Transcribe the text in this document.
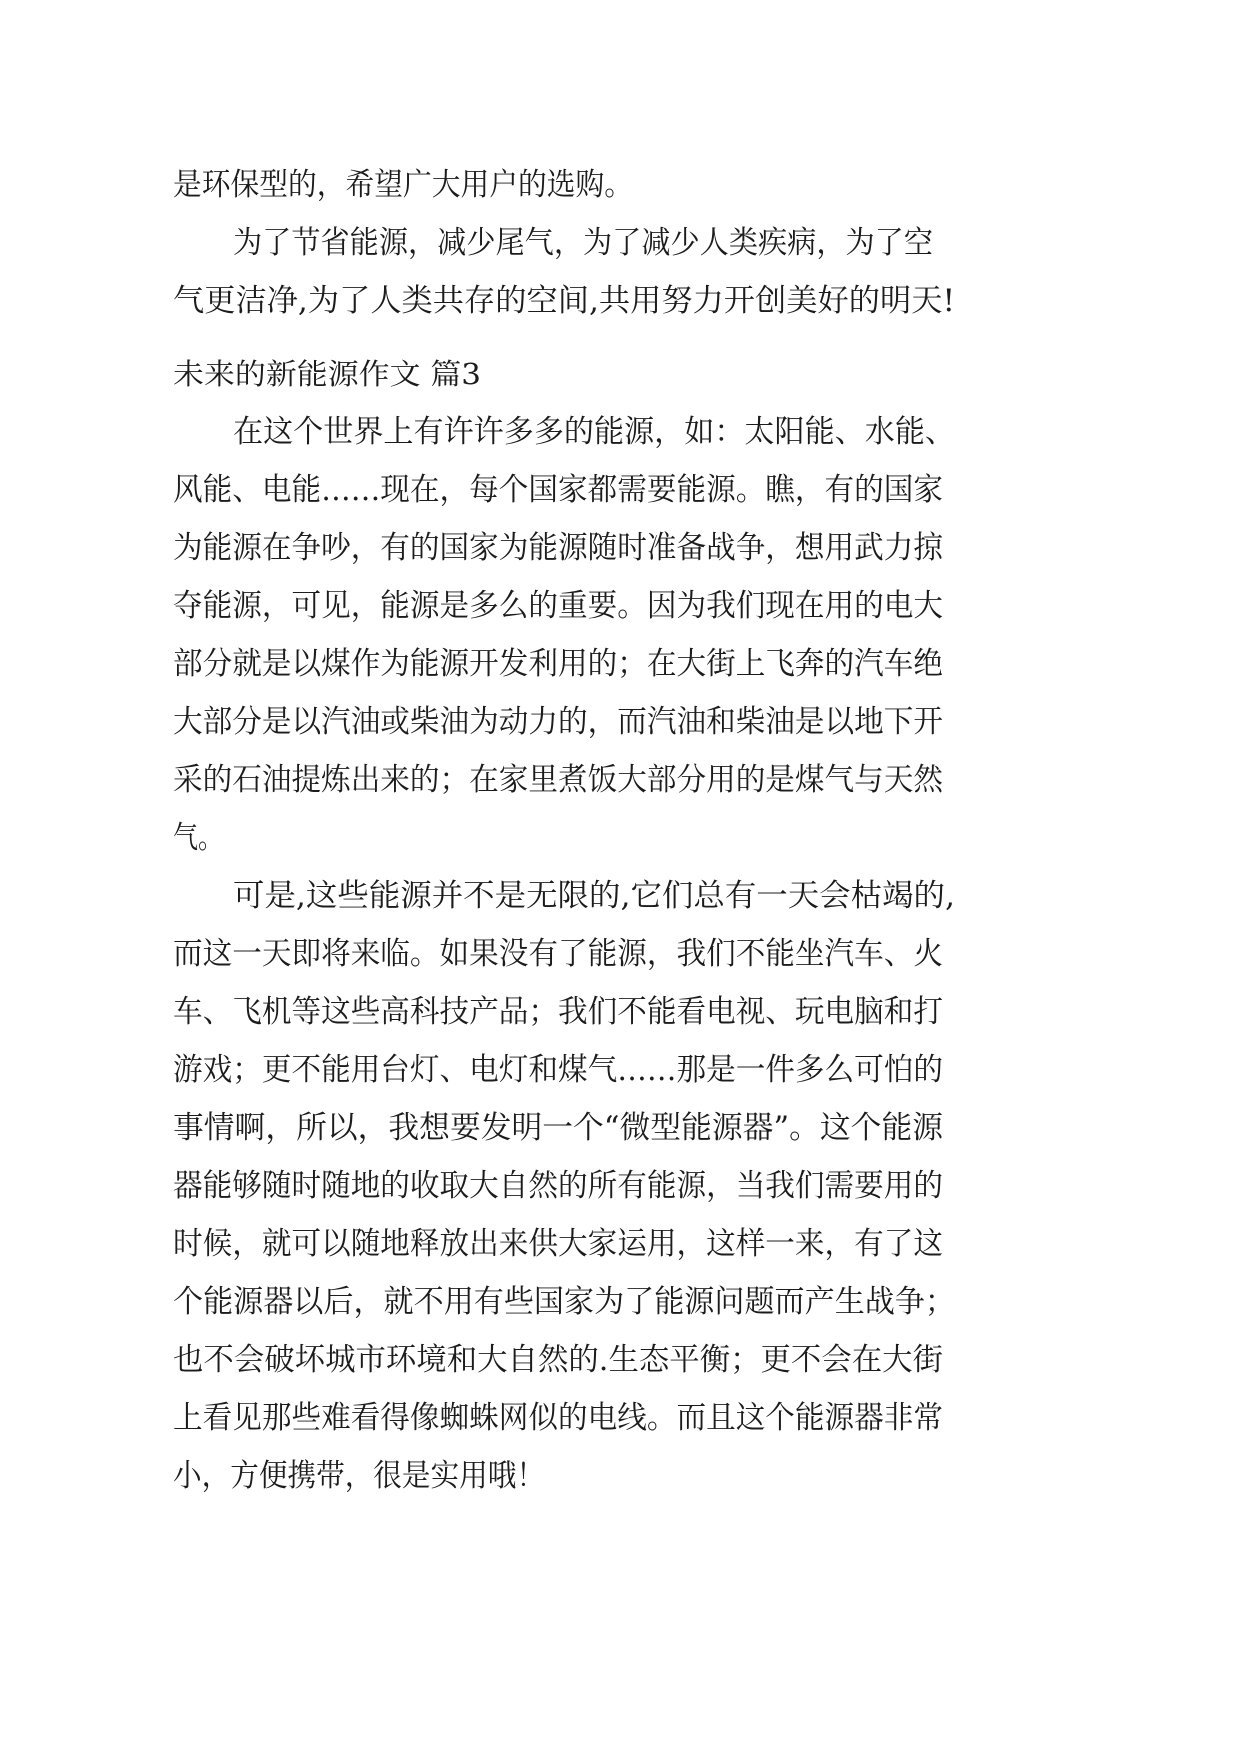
是环保型的，希望广大用户的选购。

为了节省能源，减少尾气，为了减少人类疾病，为了空

气更洁净,为了人类共存的空间,共用努力开创美好的明天!

未来的新能源作文 篇3

在这个世界上有许许多多的能源，如：太阳能、水能、

风能、电能……现在，每个国家都需要能源。瞧，有的国家

为能源在争吵，有的国家为能源随时准备战争，想用武力掠

夺能源，可见，能源是多么的重要。因为我们现在用的电大

部分就是以煤作为能源开发利用的；在大街上飞奔的汽车绝

大部分是以汽油或柴油为动力的，而汽油和柴油是以地下开

采的石油提炼出来的；在家里煮饭大部分用的是煤气与天然

气。

可是,这些能源并不是无限的,它们总有一天会枯竭的,

而这一天即将来临。如果没有了能源，我们不能坐汽车、火

车、飞机等这些高科技产品；我们不能看电视、玩电脑和打

游戏；更不能用台灯、电灯和煤气……那是一件多么可怕的

事情啊，所以，我想要发明一个“微型能源器”。这个能源

器能够随时随地的收取大自然的所有能源，当我们需要用的

时候，就可以随地释放出来供大家运用，这样一来，有了这

个能源器以后，就不用有些国家为了能源问题而产生战争；

也不会破坏城市环境和大自然的.生态平衡；更不会在大街

上看见那些难看得像蜘蛛网似的电线。而且这个能源器非常

小，方便携带，很是实用哦！
